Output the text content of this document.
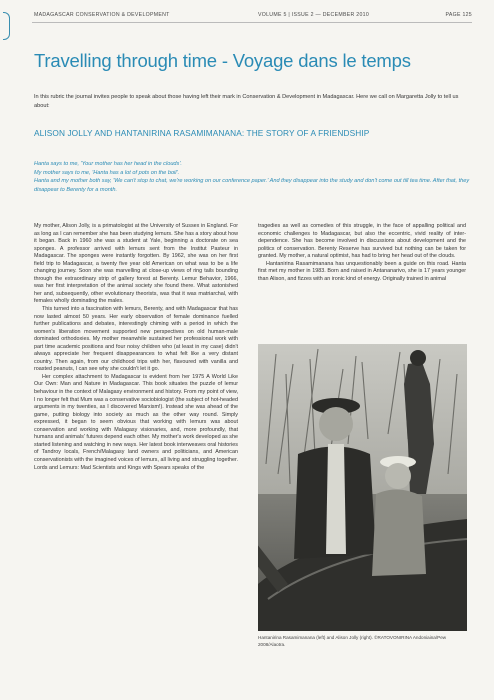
MADAGASCAR CONSERVATION & DEVELOPMENT	VOLUME 5 | ISSUE 2 — DECEMBER 2010	PAGE 125
Travelling through time - Voyage dans le temps
In this rubric the journal invites people to speak about those having left their mark in Conservation & Development in Madagascar. Here we call on Margaretta Jolly to tell us about:
ALISON JOLLY AND HANTANIRINA RASAMIMANANA: THE STORY OF A FRIENDSHIP
Hanta says to me, 'Your mother has her head in the clouds'.
My mother says to me, 'Hanta has a lot of pots on the boil'.
Hanta and my mother both say, 'We can't stop to chat, we're working on our conference paper.' And they disappear into the study and don't come out till tea time. After that, they disappear to Berenty for a month.

My mother, Alison Jolly, is a primatologist at the University of Sussex in England. For as long as I can remember she has been studying lemurs. She has a story about how it began. Back in 1960 she was a student at Yale, beginning a doctorate on sea sponges. A professor arrived with lemurs sent from the Institut Pasteur in Madagascar. The sponges were instantly forgotten. By 1962, she was on her first field trip to Madagascar, a twenty five year old American on what was to be a life changing journey. Soon she was marvelling at close-up views of ring tails bounding through the extraordinary strip of gallery forest at Berenty. Lemur Behavior, 1966, was her first interpretation of the animal society she found there. What astonished her and, subsequently, other evolutionary theorists, was that it was matriarchal, with females wholly dominating the males.

This turned into a fascination with lemurs, Berenty, and with Madagascar that has now lasted almost 50 years. Her early observation of female dominance fuelled further publications and debates, interestingly chiming with a period in which the women's liberation movement supported new perspectives on old human-male dominated orthodoxies. My mother meanwhile sustained her professional work with part time academic positions and four noisy children who (at least in my case) didn't always appreciate her frequent disappearances to what felt like a very distant country. Then again, from our childhood trips with her, flavoured with vanilla and roasted peanuts, I can see why she couldn't let it go.

Her complex attachment to Madagascar is evident from her 1975 A World Like Our Own: Man and Nature in Madagascar. This book situates the puzzle of lemur behaviour in the context of Malagasy environment and history. From my point of view, I no longer felt that Mum was a conservative sociobiologist (the subject of hot-headed arguments in my twenties, as I discovered Marxism!). Instead she was ahead of the game, putting biology into society as much as the other way round. Simply expressed, it began to seem obvious that working with lemurs was about conservation and working with Malagasy visionaries, and, more profoundly, that humans and animals' futures depend each other. My mother's work developed as she started listening and watching in new ways. Her latest book interweaves oral histories of Tandroy locals, French/Malagasy land owners and politicians, and American conservationists with the imagined voices of lemurs, all living and struggling together. Lords and Lemurs: Mad Scientists and Kings with Spears speaks of the

tragedies as well as comedies of this struggle, in the face of appalling political and economic challenges to Madagascar, but also the eccentric, vivid reality of inter-dependence. She has become involved in discussions about development and the politics of conservation. Berenty Reserve has survived but nothing can be taken for granted. My mother, a natural optimist, has had to bring her head out of the clouds.

Hantanirina Rasamimanana has unquestionably been a guide on this road. Hanta first met my mother in 1983. Born and raised in Antananarivo, she is 17 years younger than Alison, and fizzes with an ironic kind of energy. Originally trained in animal

Hantanirina Rasamimanana (left) and Alison Jolly (right). ©RATOVONIRINA Andoniaina/Pew 2008/Alaotra.
